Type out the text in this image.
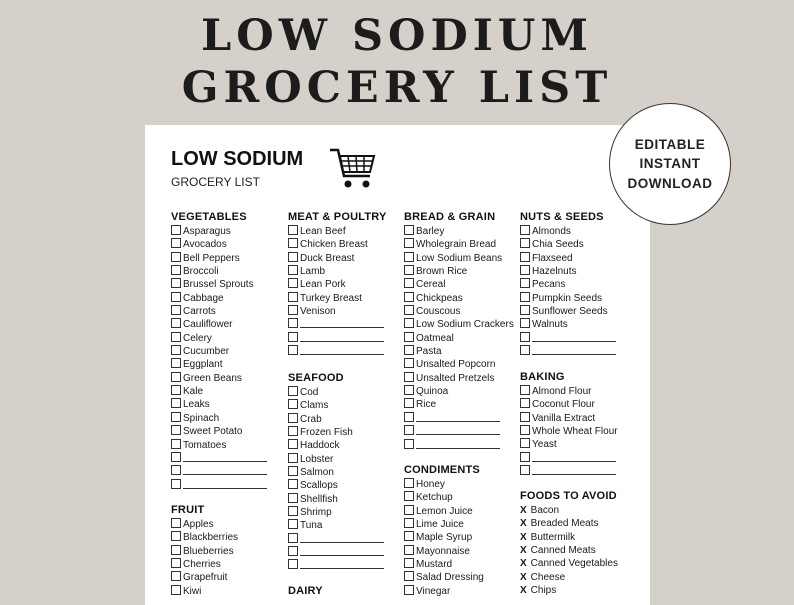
LOW SODIUM
GROCERY LIST
EDITABLE
INSTANT
DOWNLOAD
LOW SODIUM
GROCERY LIST
VEGETABLES
Asparagus
Avocados
Bell Peppers
Broccoli
Brussel Sprouts
Cabbage
Carrots
Cauliflower
Celery
Cucumber
Eggplant
Green Beans
Kale
Leaks
Spinach
Sweet Potato
Tomatoes
FRUIT
Apples
Blackberries
Blueberries
Cherries
Grapefruit
Kiwi
MEAT & POULTRY
Lean Beef
Chicken Breast
Duck Breast
Lamb
Lean Pork
Turkey Breast
Venison
SEAFOOD
Cod
Clams
Crab
Frozen Fish
Haddock
Lobster
Salmon
Scallops
Shellfish
Shrimp
Tuna
DAIRY
BREAD & GRAIN
Barley
Wholegrain Bread
Low Sodium Beans
Brown Rice
Cereal
Chickpeas
Couscous
Low Sodium Crackers
Oatmeal
Pasta
Unsalted Popcorn
Unsalted Pretzels
Quinoa
Rice
CONDIMENTS
Honey
Ketchup
Lemon Juice
Lime Juice
Maple Syrup
Mayonnaise
Mustard
Salad Dressing
Vinegar
NUTS & SEEDS
Almonds
Chia Seeds
Flaxseed
Hazelnuts
Pecans
Pumpkin Seeds
Sunflower Seeds
Walnuts
BAKING
Almond Flour
Coconut Flour
Vanilla Extract
Whole Wheat Flour
Yeast
FOODS TO AVOID
X Bacon
X Breaded Meats
X Buttermilk
X Canned Meats
X Canned Vegetables
X Cheese
X Chips
